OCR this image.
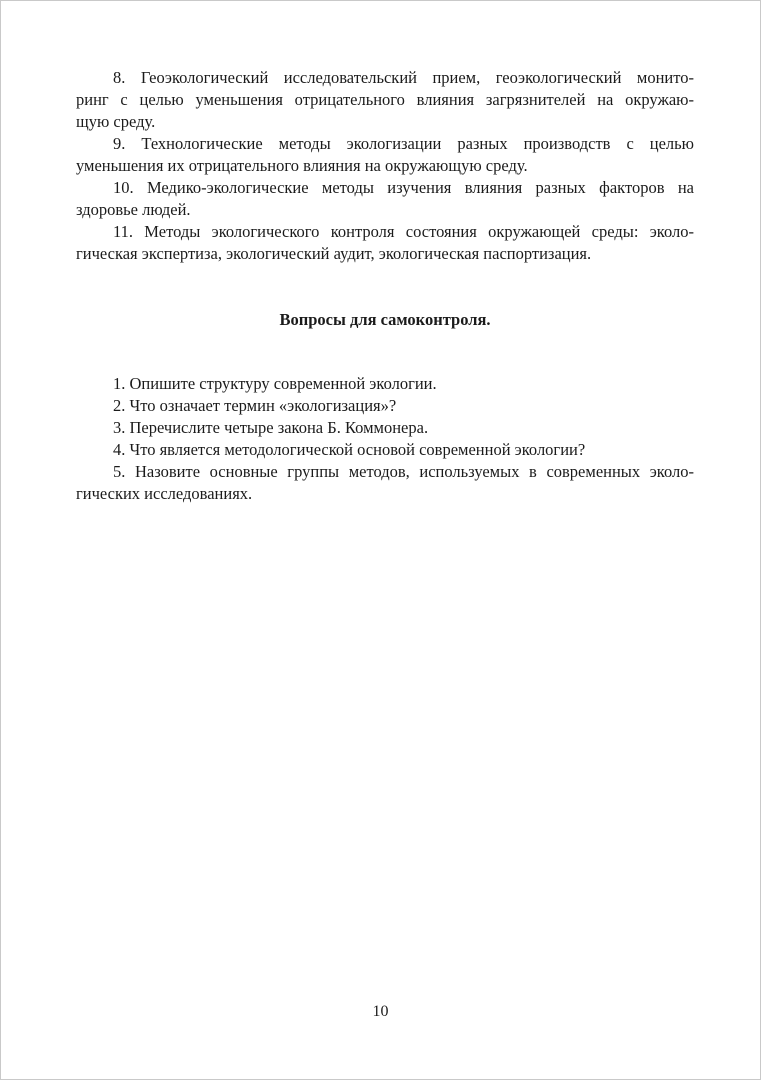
8. Геоэкологический исследовательский прием, геоэкологический монито-
ринг с целью уменьшения отрицательного влияния загрязнителей на окружаю-
щую среду.

9. Технологические методы экологизации разных производств с целью
уменьшения их отрицательного влияния на окружающую среду.

10. Медико-экологические методы изучения влияния разных факторов на
здоровье людей.

11. Методы экологического контроля состояния окружающей среды: эколо-
гическая экспертиза, экологический аудит, экологическая паспортизация.

Вопросы для самоконтроля.

1. Опишите структуру современной экологии.

2. Что означает термин «экологизация»?

3. Перечислите четыре закона Б. Коммонера.

4. Что является методологической основой современной экологии?

5. Назовите основные группы методов, используемых в современных эколо-
гических исследованиях.

10
